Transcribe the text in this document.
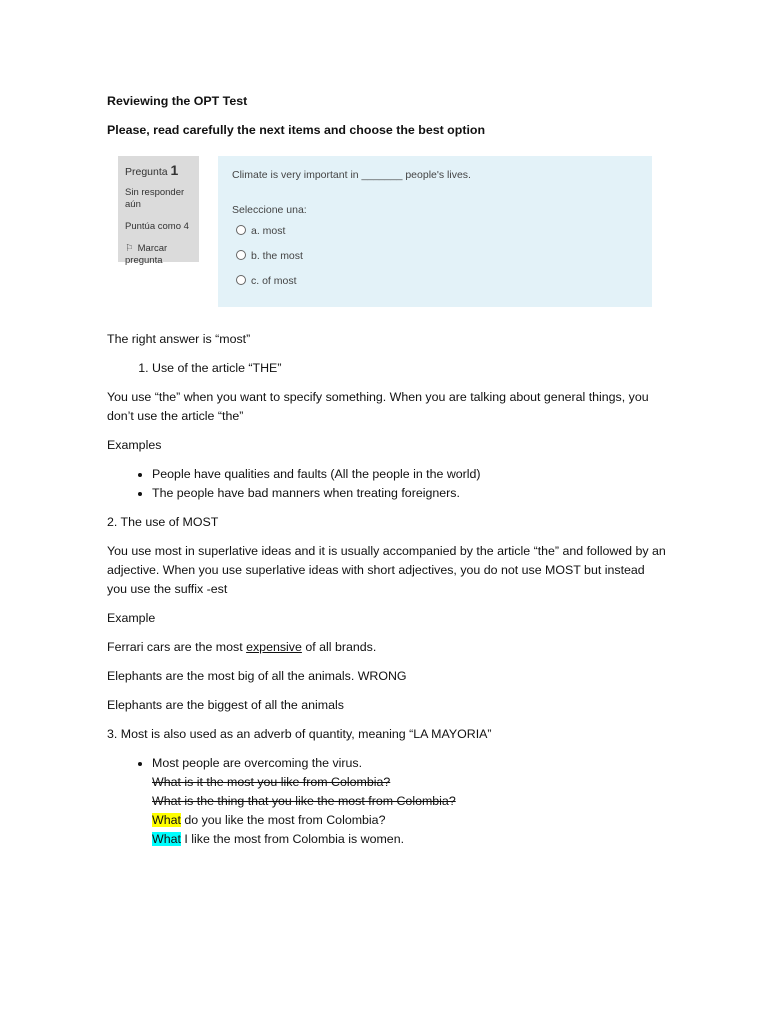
Reviewing the OPT Test

Please, read carefully the next items and choose the best option

Pregunta 1
Sin responder aún
Puntúa como 4
⚐ Marcar
pregunta
Climate is very important in _______ people's lives.
Seleccione una:
a. most
b. the most
c. of most

The right answer is “most”

1. Use of the article “THE”

You use “the” when you want to specify something. When you are talking about general things, you don’t use the article “the”

Examples

• People have qualities and faults (All the people in the world)
• The people have bad manners when treating foreigners.

2. The use of MOST

You use most in superlative ideas and it is usually accompanied by the article “the” and followed by an adjective. When you use superlative ideas with short adjectives, you do not use MOST but instead you use the suffix -est

Example

Ferrari cars are the most expensive of all brands.

Elephants are the most big of all the animals. WRONG

Elephants are the biggest of all the animals

3. Most is also used as an adverb of quantity, meaning “LA MAYORIA”

• Most people are overcoming the virus.
What is it the most you like from Colombia?
What is the thing that you like the most from Colombia?
What do you like the most from Colombia?
What I like the most from Colombia is women.
